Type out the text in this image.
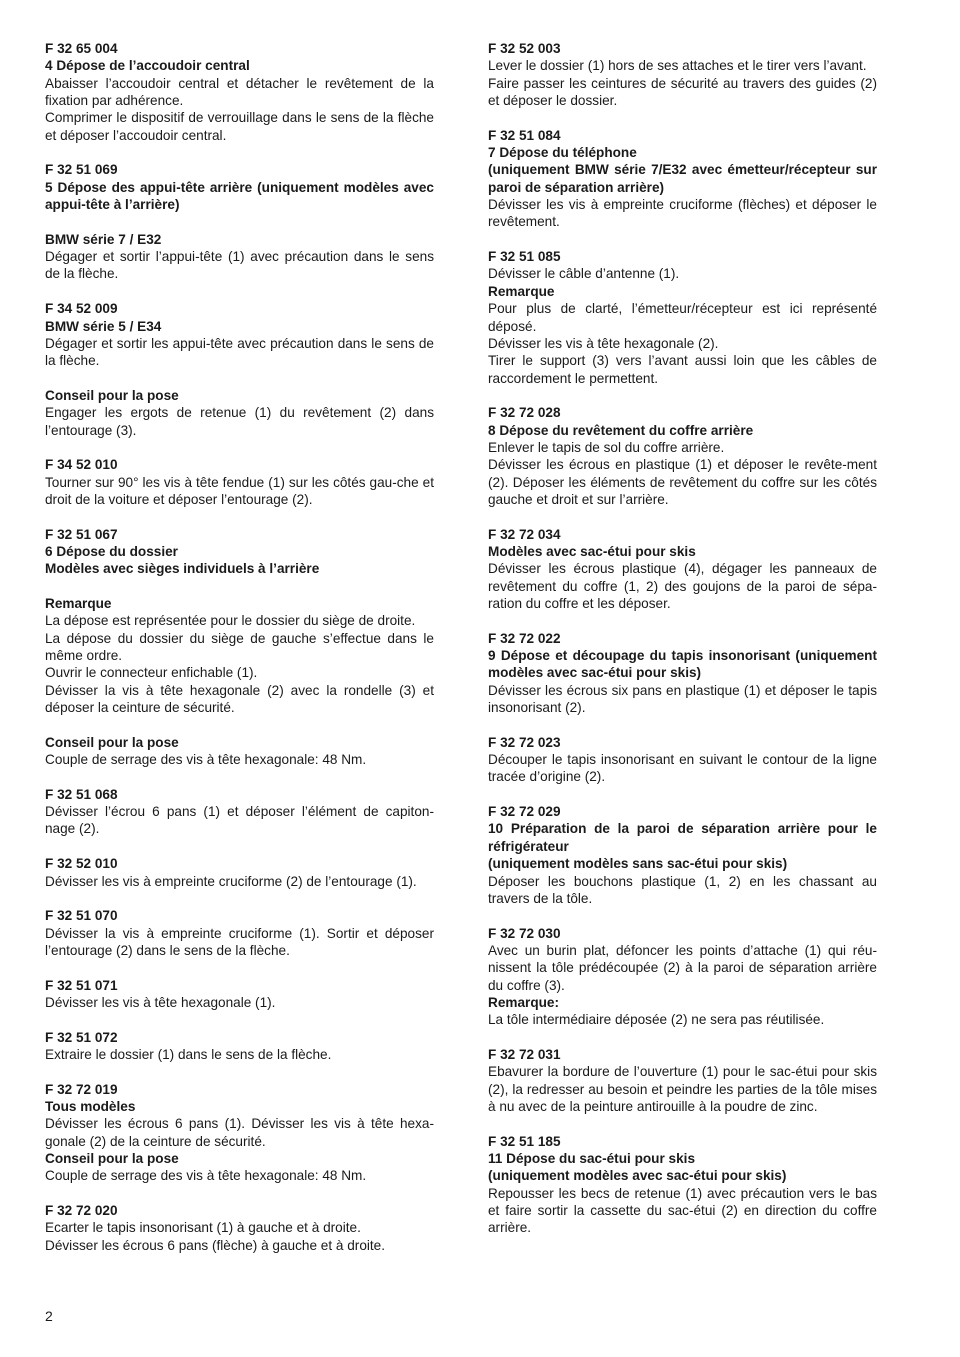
F 32 65 004

4 Dépose de l’accoudoir central

Abaisser l’accoudoir central et détacher le revêtement de la fixation par adhérence.

Comprimer le dispositif de verrouillage dans le sens de la flèche et déposer l’accoudoir central.

F 32 51 069

5 Dépose des appui-tête arrière (uniquement modèles avec appui-tête à l’arrière)

BMW série 7 / E32

Dégager et sortir l’appui-tête (1) avec précaution dans le sens de la flèche.

F 34 52 009

BMW série 5 / E34

Dégager et sortir les appui-tête avec précaution dans le sens de la flèche.

Conseil pour la pose

Engager les ergots de retenue (1) du revêtement (2) dans l’entourage (3).

F 34 52 010

Tourner sur 90° les vis à tête fendue (1) sur les côtés gau-che et droit de la voiture et déposer l’entourage (2).

F 32 51 067

6 Dépose du dossier

Modèles avec sièges individuels à l’arrière

Remarque

La dépose est représentée pour le dossier du siège de droite.

La dépose du dossier du siège de gauche s’effectue dans le même ordre.

Ouvrir le connecteur enfichable (1).

Dévisser la vis à tête hexagonale (2) avec la rondelle (3) et déposer la ceinture de sécurité.

Conseil pour la pose

Couple de serrage des vis à tête hexagonale: 48 Nm.

F 32 51 068

Dévisser l’écrou 6 pans (1) et déposer l’élément de capiton-nage (2).

F 32 52 010

Dévisser les vis à empreinte cruciforme (2) de l’entourage (1).

F 32 51 070

Dévisser la vis à empreinte cruciforme (1). Sortir et déposer l’entourage (2) dans le sens de la flèche.

F 32 51 071

Dévisser les vis à tête hexagonale (1).

F 32 51 072

Extraire le dossier (1) dans le sens de la flèche.

F 32 72 019

Tous modèles

Dévisser les écrous 6 pans (1). Dévisser les vis à tête hexa-gonale (2) de la ceinture de sécurité.

Conseil pour la pose

Couple de serrage des vis à tête hexagonale: 48 Nm.

F 32 72 020

Ecarter le tapis insonorisant (1) à gauche et à droite.

Dévisser les écrous 6 pans (flèche) à gauche et à droite.

F 32 52 003

Lever le dossier (1) hors de ses attaches et le tirer vers l’avant.

Faire passer les ceintures de sécurité au travers des guides (2) et déposer le dossier.

F 32 51 084

7 Dépose du téléphone

(uniquement BMW série 7/E32 avec émetteur/récepteur sur paroi de séparation arrière)

Dévisser les vis à empreinte cruciforme (flèches) et déposer le revêtement.

F 32 51 085

Dévisser le câble d’antenne (1).

Remarque

Pour plus de clarté, l’émetteur/récepteur est ici représenté déposé.

Dévisser les vis à tête hexagonale (2).

Tirer le support (3) vers l’avant aussi loin que les câbles de raccordement le permettent.

F 32 72 028

8 Dépose du revêtement du coffre arrière

Enlever le tapis de sol du coffre arrière.

Dévisser les écrous en plastique (1) et déposer le revête-ment (2). Déposer les éléments de revêtement du coffre sur les côtés gauche et droit et sur l’arrière.

F 32 72 034

Modèles avec sac-étui pour skis

Dévisser les écrous plastique (4), dégager les panneaux de revêtement du coffre (1, 2) des goujons de la paroi de sépa-ration du coffre et les déposer.

F 32 72 022

9 Dépose et découpage du tapis insonorisant (uniquement modèles avec sac-étui pour skis)

Dévisser les écrous six pans en plastique (1) et déposer le tapis insonorisant (2).

F 32 72 023

Découper le tapis insonorisant en suivant le contour de la ligne tracée d’origine (2).

F 32 72 029

10 Préparation de la paroi de séparation arrière pour le réfrigérateur

(uniquement modèles sans sac-étui pour skis)

Déposer les bouchons plastique (1, 2) en les chassant au travers de la tôle.

F 32 72 030

Avec un burin plat, défoncer les points d’attache (1) qui réu-nissent la tôle prédécoupée (2) à la paroi de séparation arrière du coffre (3).

Remarque:

La tôle intermédiaire déposée (2) ne sera pas réutilisée.

F 32 72 031

Ebavurer la bordure de l’ouverture (1) pour le sac-étui pour skis (2), la redresser au besoin et peindre les parties de la tôle mises à nu avec de la peinture antirouille à la poudre de zinc.

F 32 51 185

11 Dépose du sac-étui pour skis

(uniquement modèles avec sac-étui pour skis)

Repousser les becs de retenue (1) avec précaution vers le bas et faire sortir la cassette du sac-étui (2) en direction du coffre arrière.

2
